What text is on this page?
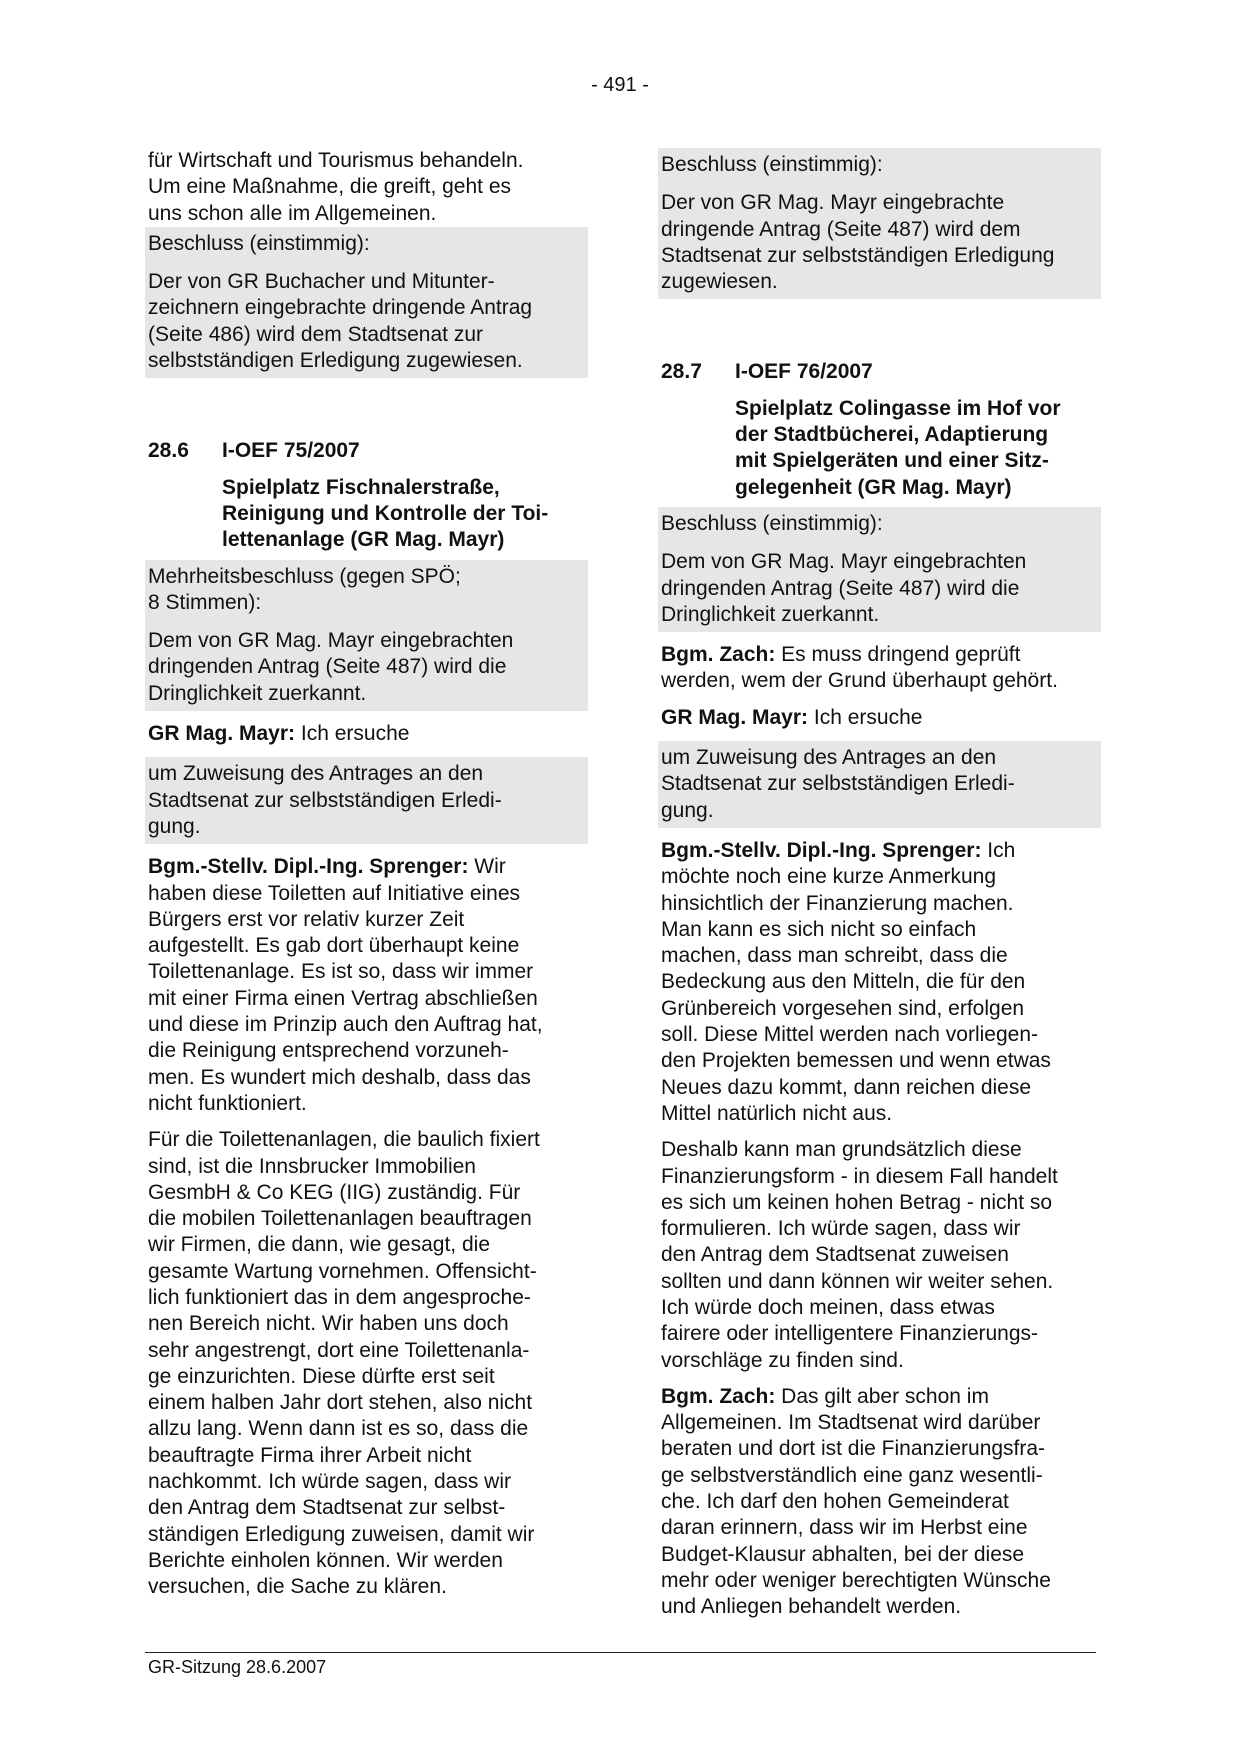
- 491 -

für Wirtschaft und Tourismus behandeln.
Um eine Maßnahme, die greift, geht es
uns schon alle im Allgemeinen.

Beschluss (einstimmig):

Der von GR Buchacher und Mitunter-
zeichnern eingebrachte dringende Antrag
(Seite 486) wird dem Stadtsenat zur
selbstständigen Erledigung zugewiesen.

28.6	I-OEF 75/2007
Spielplatz Fischnalerstraße,
Reinigung und Kontrolle der Toi-
lettenanlage (GR Mag. Mayr)

Mehrheitsbeschluss (gegen SPÖ;
8 Stimmen):

Dem von GR Mag. Mayr eingebrachten
dringenden Antrag (Seite 487) wird die
Dringlichkeit zuerkannt.

GR Mag. Mayr: Ich ersuche

um Zuweisung des Antrages an den
Stadtsenat zur selbstständigen Erledi-
gung.

Bgm.-Stellv. Dipl.-Ing. Sprenger: Wir
haben diese Toiletten auf Initiative eines
Bürgers erst vor relativ kurzer Zeit
aufgestellt. Es gab dort überhaupt keine
Toilettenanlage. Es ist so, dass wir immer
mit einer Firma einen Vertrag abschließen
und diese im Prinzip auch den Auftrag hat,
die Reinigung entsprechend vorzuneh-
men. Es wundert mich deshalb, dass das
nicht funktioniert.

Für die Toilettenanlagen, die baulich fixiert
sind, ist die Innsbrucker Immobilien
GesmbH & Co KEG (IIG) zuständig. Für
die mobilen Toilettenanlagen beauftragen
wir Firmen, die dann, wie gesagt, die
gesamte Wartung vornehmen. Offensicht-
lich funktioniert das in dem angesproche-
nen Bereich nicht. Wir haben uns doch
sehr angestrengt, dort eine Toilettenanla-
ge einzurichten. Diese dürfte erst seit
einem halben Jahr dort stehen, also nicht
allzu lang. Wenn dann ist es so, dass die
beauftragte Firma ihrer Arbeit nicht
nachkommt. Ich würde sagen, dass wir
den Antrag dem Stadtsenat zur selbst-
ständigen Erledigung zuweisen, damit wir
Berichte einholen können. Wir werden
versuchen, die Sache zu klären.

Beschluss (einstimmig):

Der von GR Mag. Mayr eingebrachte
dringende Antrag (Seite 487) wird dem
Stadtsenat zur selbstständigen Erledigung
zugewiesen.

28.7	I-OEF 76/2007
Spielplatz Colingasse im Hof vor
der Stadtbücherei, Adaptierung
mit Spielgeräten und einer Sitz-
gelegenheit (GR Mag. Mayr)

Beschluss (einstimmig):

Dem von GR Mag. Mayr eingebrachten
dringenden Antrag (Seite 487) wird die
Dringlichkeit zuerkannt.

Bgm. Zach: Es muss dringend geprüft
werden, wem der Grund überhaupt gehört.

GR Mag. Mayr: Ich ersuche

um Zuweisung des Antrages an den
Stadtsenat zur selbstständigen Erledi-
gung.

Bgm.-Stellv. Dipl.-Ing. Sprenger: Ich
möchte noch eine kurze Anmerkung
hinsichtlich der Finanzierung machen.
Man kann es sich nicht so einfach
machen, dass man schreibt, dass die
Bedeckung aus den Mitteln, die für den
Grünbereich vorgesehen sind, erfolgen
soll. Diese Mittel werden nach vorliegen-
den Projekten bemessen und wenn etwas
Neues dazu kommt, dann reichen diese
Mittel natürlich nicht aus.

Deshalb kann man grundsätzlich diese
Finanzierungsform - in diesem Fall handelt
es sich um keinen hohen Betrag - nicht so
formulieren. Ich würde sagen, dass wir
den Antrag dem Stadtsenat zuweisen
sollten und dann können wir weiter sehen.
Ich würde doch meinen, dass etwas
fairere oder intelligentere Finanzierungs-
vorschläge zu finden sind.

Bgm. Zach: Das gilt aber schon im
Allgemeinen. Im Stadtsenat wird darüber
beraten und dort ist die Finanzierungsfra-
ge selbstverständlich eine ganz wesentli-
che. Ich darf den hohen Gemeinderat
daran erinnern, dass wir im Herbst eine
Budget-Klausur abhalten, bei der diese
mehr oder weniger berechtigten Wünsche
und Anliegen behandelt werden.

GR-Sitzung 28.6.2007
